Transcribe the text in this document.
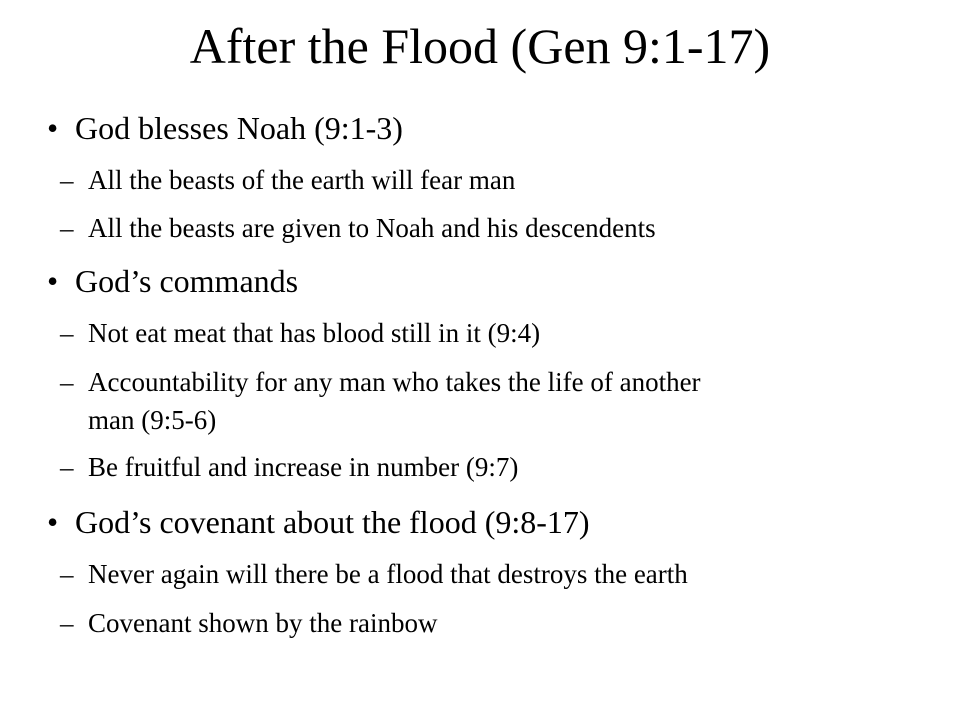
After the Flood (Gen 9:1-17)
• God blesses Noah (9:1-3)
– All the beasts of the earth will fear man
– All the beasts are given to Noah and his descendents
• God’s commands
– Not eat meat that has blood still in it (9:4)
– Accountability for any man who takes the life of another
man (9:5-6)
– Be fruitful and increase in number (9:7)
• God’s covenant about the flood (9:8-17)
– Never again will there be a flood that destroys the earth
– Covenant shown by the rainbow
